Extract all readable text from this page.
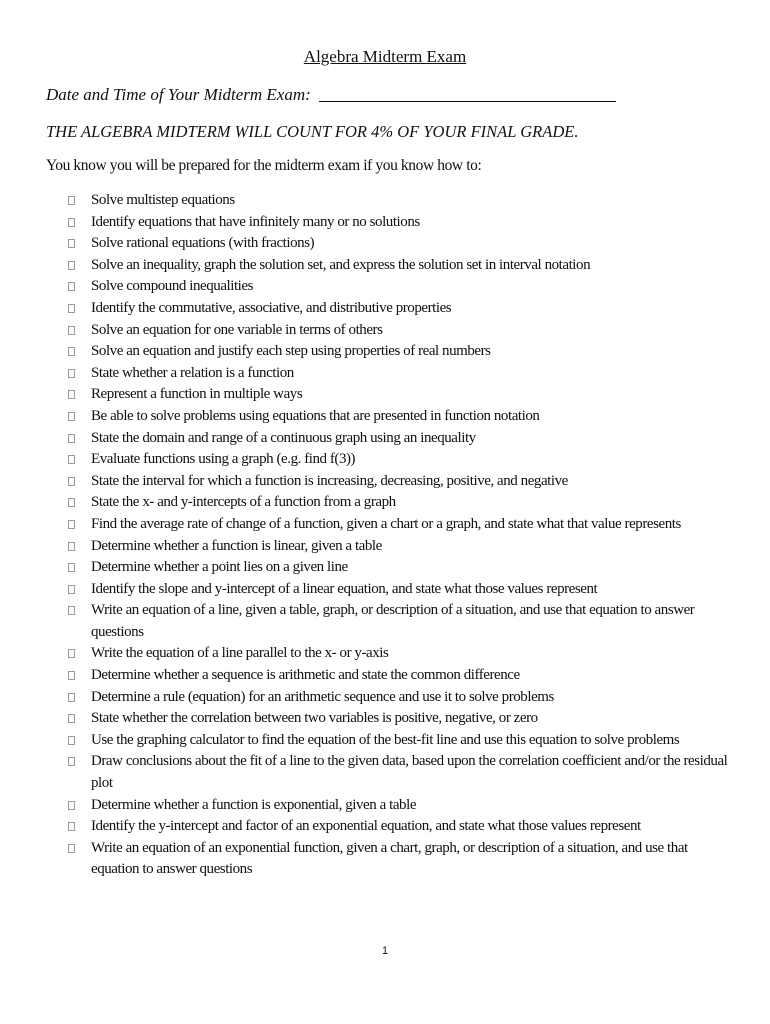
Algebra Midterm Exam
Date and Time of Your Midterm Exam:
THE ALGEBRA MIDTERM WILL COUNT FOR 4% OF YOUR FINAL GRADE.
You know you will be prepared for the midterm exam if you know how to:
Solve multistep equations
Identify equations that have infinitely many or no solutions
Solve rational equations (with fractions)
Solve an inequality, graph the solution set, and express the solution set in interval notation
Solve compound inequalities
Identify the commutative, associative, and distributive properties
Solve an equation for one variable in terms of others
Solve an equation and justify each step using properties of real numbers
State whether a relation is a function
Represent a function in multiple ways
Be able to solve problems using equations that are presented in function notation
State the domain and range of a continuous graph using an inequality
Evaluate functions using a graph (e.g. find f(3))
State the interval for which a function is increasing, decreasing, positive, and negative
State the x- and y-intercepts of a function from a graph
Find the average rate of change of a function, given a chart or a graph, and state what that value represents
Determine whether a function is linear, given a table
Determine whether a point lies on a given line
Identify the slope and y-intercept of a linear equation, and state what those values represent
Write an equation of a line, given a table, graph, or description of a situation, and use that equation to answer questions
Write the equation of a line parallel to the x- or y-axis
Determine whether a sequence is arithmetic and state the common difference
Determine a rule (equation) for an arithmetic sequence and use it to solve problems
State whether the correlation between two variables is positive, negative, or zero
Use the graphing calculator to find the equation of the best-fit line and use this equation to solve problems
Draw conclusions about the fit of a line to the given data, based upon the correlation coefficient and/or the residual plot
Determine whether a function is exponential, given a table
Identify the y-intercept and factor of an exponential equation, and state what those values represent
Write an equation of an exponential function, given a chart, graph, or description of a situation, and use that equation to answer questions
1
